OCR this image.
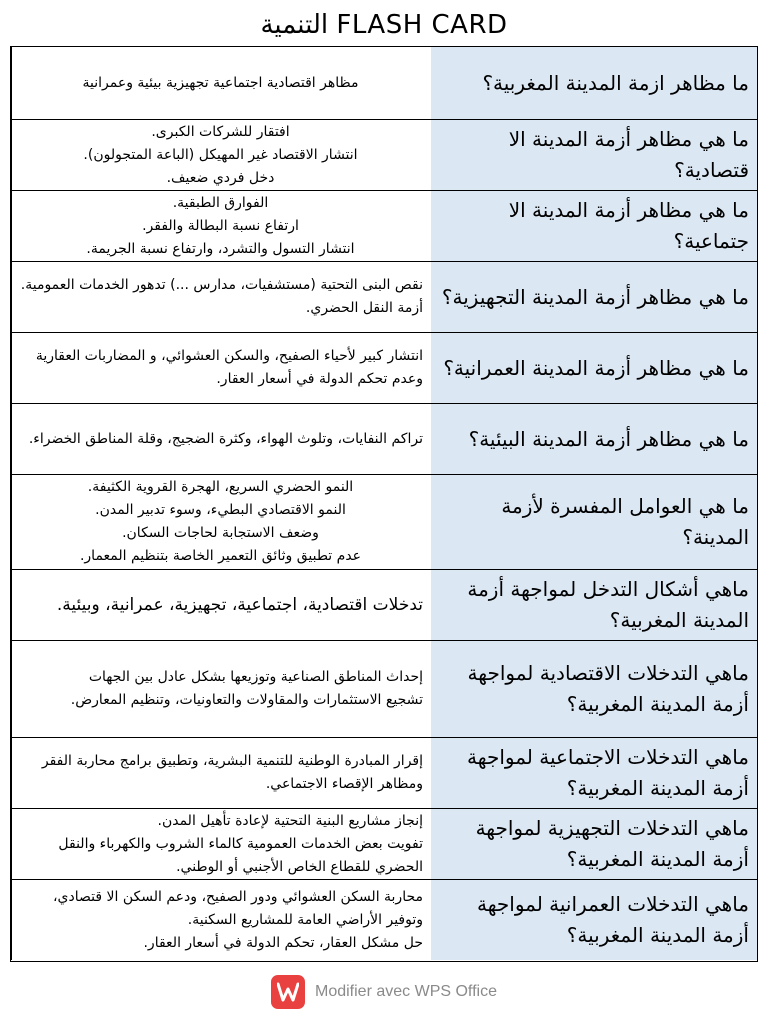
التنمية FLASH CARD
ما مظاهر ازمة المدينة المغربية؟
مظاهر اقتصادية اجتماعية تجهيزية بيئية وعمرانية
ما هي مظاهر أزمة المدينة الا قتصادية؟
افتقار للشركات الكبرى.
انتشار الاقتصاد غير المهيكل (الباعة المتجولون).
دخل فردي ضعيف.
ما هي مظاهر أزمة المدينة الا جتماعية؟
الفوارق الطبقية.
ارتفاع نسبة البطالة والفقر.
انتشار التسول والتشرد، وارتفاع نسبة الجريمة.
ما هي مظاهر أزمة المدينة التجهيزية؟
نقص البنى التحتية (مستشفيات، مدارس ...) تدهور الخدمات العمومية.
أزمة النقل الحضري.
ما هي مظاهر أزمة المدينة العمرانية؟
انتشار كبير لأحياء الصفيح، والسكن العشوائي، و المضاربات العقارية وعدم تحكم الدولة في أسعار العقار.
ما هي مظاهر أزمة المدينة البيئية؟
تراكم النفايات، وتلوث الهواء، وكثرة الضجيج، وقلة المناطق الخضراء.
ما هي العوامل المفسرة لأزمة المدينة؟
النمو الحضري السريع، الهجرة القروية الكثيفة.
النمو الاقتصادي البطيء، وسوء تدبير المدن.
وضعف الاستجابة لحاجات السكان.
عدم تطبيق وثائق التعمير الخاصة بتنظيم المعمار.
ماهي أشكال التدخل لمواجهة أزمة المدينة المغربية؟
تدخلات اقتصادية، اجتماعية، تجهيزية، عمرانية، وبيئية.
ماهي التدخلات الاقتصادية لمواجهة أزمة المدينة المغربية؟
إحداث المناطق الصناعية وتوزيعها بشكل عادل بين الجهات
تشجيع الاستثمارات والمقاولات والتعاونيات، وتنظيم المعارض.
ماهي التدخلات الاجتماعية لمواجهة أزمة المدينة المغربية؟
إقرار المبادرة الوطنية للتنمية البشرية، وتطبيق برامج محاربة الفقر ومظاهر الإقصاء الاجتماعي.
ماهي التدخلات التجهيزية لمواجهة أزمة المدينة المغربية؟
إنجاز مشاريع البنية التحتية لإعادة تأهيل المدن.
تفويت بعض الخدمات العمومية كالماء الشروب والكهرباء والنقل الحضري للقطاع الخاص الأجنبي أو الوطني.
ماهي التدخلات العمرانية لمواجهة أزمة المدينة المغربية؟
محاربة السكن العشوائي ودور الصفيح، ودعم السكن الا قتصادي، وتوفير الأراضي العامة للمشاريع السكنية.
حل مشكل العقار، تحكم الدولة في أسعار العقار.
Modifier avec WPS Office
